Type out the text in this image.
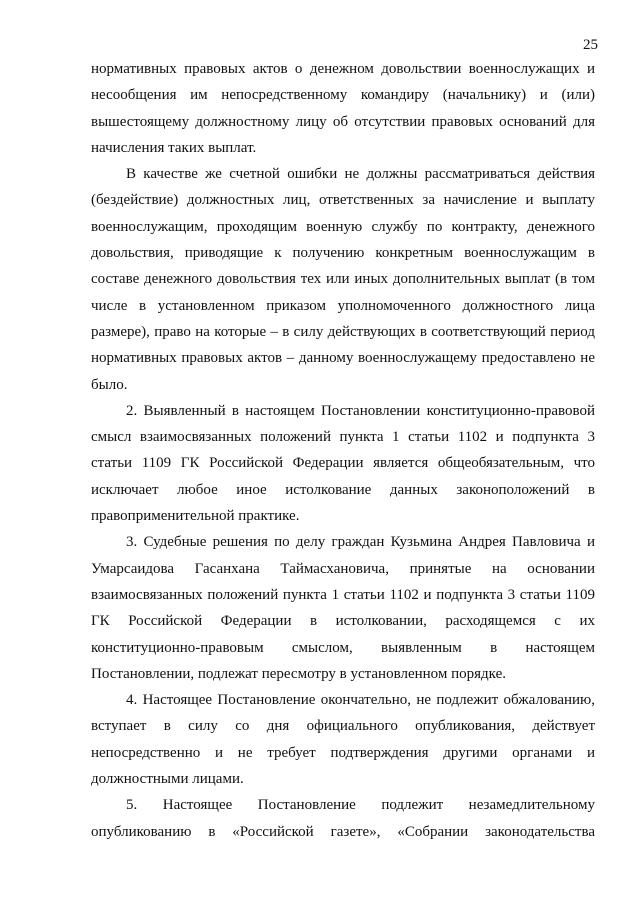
25

нормативных правовых актов о денежном довольствии военнослужащих и несообщения им непосредственному командиру (начальнику) и (или) вышестоящему должностному лицу об отсутствии правовых оснований для начисления таких выплат.

В качестве же счетной ошибки не должны рассматриваться действия (бездействие) должностных лиц, ответственных за начисление и выплату военнослужащим, проходящим военную службу по контракту, денежного довольствия, приводящие к получению конкретным военнослужащим в составе денежного довольствия тех или иных дополнительных выплат (в том числе в установленном приказом уполномоченного должностного лица размере), право на которые – в силу действующих в соответствующий период нормативных правовых актов – данному военнослужащему предоставлено не было.

2. Выявленный в настоящем Постановлении конституционно-правовой смысл взаимосвязанных положений пункта 1 статьи 1102 и подпункта 3 статьи 1109 ГК Российской Федерации является общеобязательным, что исключает любое иное истолкование данных законоположений в правоприменительной практике.

3. Судебные решения по делу граждан Кузьмина Андрея Павловича и Умарсаидова Гасанхана Таймасхановича, принятые на основании взаимосвязанных положений пункта 1 статьи 1102 и подпункта 3 статьи 1109 ГК Российской Федерации в истолковании, расходящемся с их конституционно-правовым смыслом, выявленным в настоящем Постановлении, подлежат пересмотру в установленном порядке.

4. Настоящее Постановление окончательно, не подлежит обжалованию, вступает в силу со дня официального опубликования, действует непосредственно и не требует подтверждения другими органами и должностными лицами.

5. Настоящее Постановление подлежит незамедлительному опубликованию в «Российской газете», «Собрании законодательства
